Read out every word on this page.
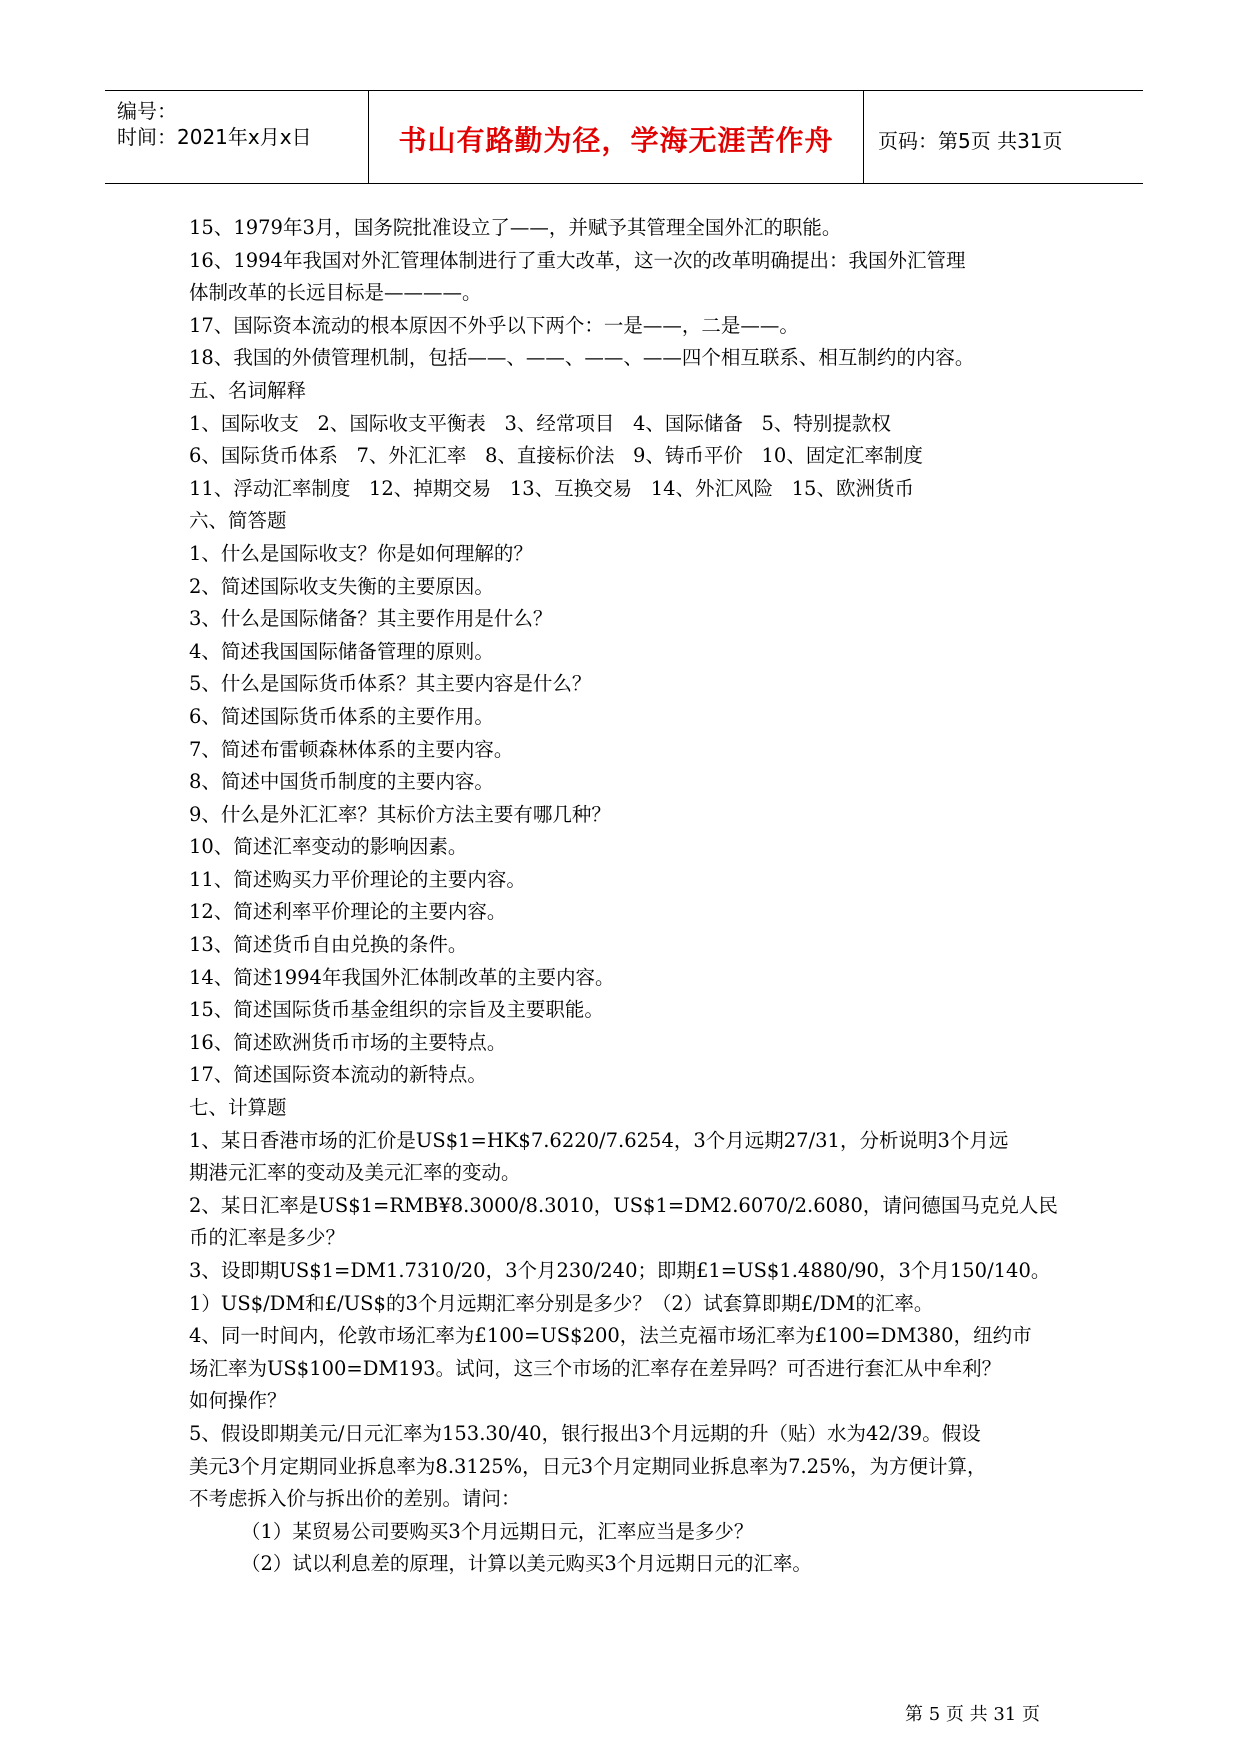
编号：
时间：2021年x月x日	书山有路勤为径，学海无涯苦作舟	页码：第5页 共31页

15、1979年3月，国务院批准设立了——，并赋予其管理全国外汇的职能。

16、1994年我国对外汇管理体制进行了重大改革，这一次的改革明确提出：我国外汇管理

体制改革的长远目标是————。

17、国际资本流动的根本原因不外乎以下两个：一是——，二是——。

18、我国的外债管理机制，包括——、——、——、——四个相互联系、相互制约的内容。

五、名词解释

1、国际收支   2、国际收支平衡表   3、经常项目   4、国际储备   5、特别提款权

6、国际货币体系   7、外汇汇率   8、直接标价法   9、铸币平价   10、固定汇率制度

11、浮动汇率制度   12、掉期交易   13、互换交易   14、外汇风险   15、欧洲货币

六、简答题

1、什么是国际收支？你是如何理解的？

2、简述国际收支失衡的主要原因。

3、什么是国际储备？其主要作用是什么？

4、简述我国国际储备管理的原则。

5、什么是国际货币体系？其主要内容是什么？

6、简述国际货币体系的主要作用。

7、简述布雷顿森林体系的主要内容。

8、简述中国货币制度的主要内容。

9、什么是外汇汇率？其标价方法主要有哪几种？

10、简述汇率变动的影响因素。

11、简述购买力平价理论的主要内容。

12、简述利率平价理论的主要内容。

13、简述货币自由兑换的条件。

14、简述1994年我国外汇体制改革的主要内容。

15、简述国际货币基金组织的宗旨及主要职能。

16、简述欧洲货币市场的主要特点。

17、简述国际资本流动的新特点。

七、计算题

1、某日香港市场的汇价是US$1=HK$7.6220/7.6254，3个月远期27/31，分析说明3个月远

期港元汇率的变动及美元汇率的变动。

2、某日汇率是US$1=RMB¥8.3000/8.3010，US$1=DM2.6070/2.6080，请问德国马克兑人民

币的汇率是多少？

3、设即期US$1=DM1.7310/20，3个月230/240；即期£1=US$1.4880/90，3个月150/140。

1）US$/DM和£/US$的3个月远期汇率分别是多少？（2）试套算即期£/DM的汇率。

4、同一时间内，伦敦市场汇率为£100=US$200，法兰克福市场汇率为£100=DM380，纽约市

场汇率为US$100=DM193。试问，这三个市场的汇率存在差异吗？可否进行套汇从中牟利？

如何操作？

5、假设即期美元/日元汇率为153.30/40，银行报出3个月远期的升（贴）水为42/39。假设

美元3个月定期同业拆息率为8.3125%，日元3个月定期同业拆息率为7.25%，为方便计算，

不考虑拆入价与拆出价的差别。请问：

（1）某贸易公司要购买3个月远期日元，汇率应当是多少？

（2）试以利息差的原理，计算以美元购买3个月远期日元的汇率。

第 5 页 共 31 页
